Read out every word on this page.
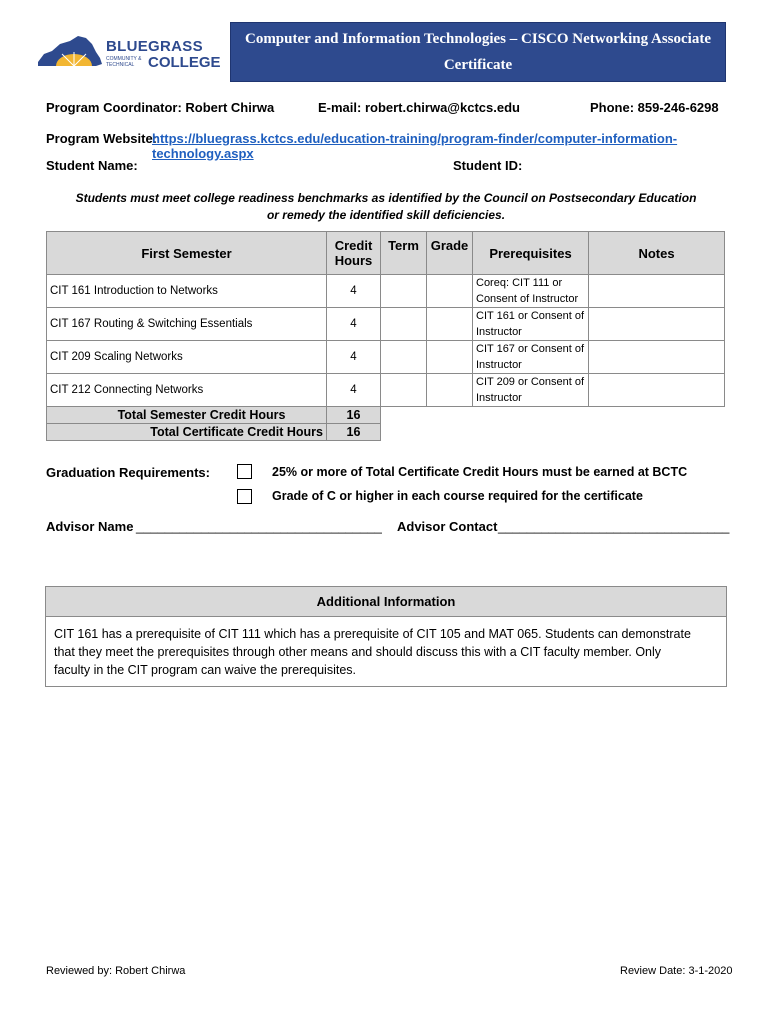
BLUEGRASS
COMMUNITY & TECHNICAL COLLEGE
Computer and Information Technologies – CISCO Networking Associate
Certificate
Program Coordinator: Robert Chirwa	E-mail: robert.chirwa@kctcs.edu	Phone: 859-246-6298
Program Website:
https://bluegrass.kctcs.edu/education-training/program-finder/computer-information-technology.aspx
Student Name:	Student ID:
Students must meet college readiness benchmarks as identified by the Council on Postsecondary Education
or remedy the identified skill deficiencies.
First Semester	Credit
Hours	Term	Grade	Prerequisites	Notes
CIT 161 Introduction to Networks	4			Coreq: CIT 111 or
Consent of Instructor	

CIT 167 Routing & Switching Essentials	4			CIT 161 or Consent of
Instructor	

CIT 209 Scaling Networks	4			CIT 167 or Consent of
Instructor	

CIT 212 Connecting Networks	4			CIT 209 or Consent of
Instructor	

Total Semester Credit Hours	16				
Total Certificate Credit Hours	16				
Graduation Requirements:	25% or more of Total Certificate Credit Hours must be earned at BCTC
Grade of C or higher in each course required for the certificate
Advisor Name __________________________________ Advisor Contact ________________________________
Additional Information
CIT 161 has a prerequisite of CIT 111 which has a prerequisite of CIT 105 and MAT 065. Students can demonstrate
that they meet the prerequisites through other means and should discuss this with a CIT faculty member. Only
faculty in the CIT program can waive the prerequisites.
Reviewed by: Robert Chirwa	Review Date: 3-1-2020
